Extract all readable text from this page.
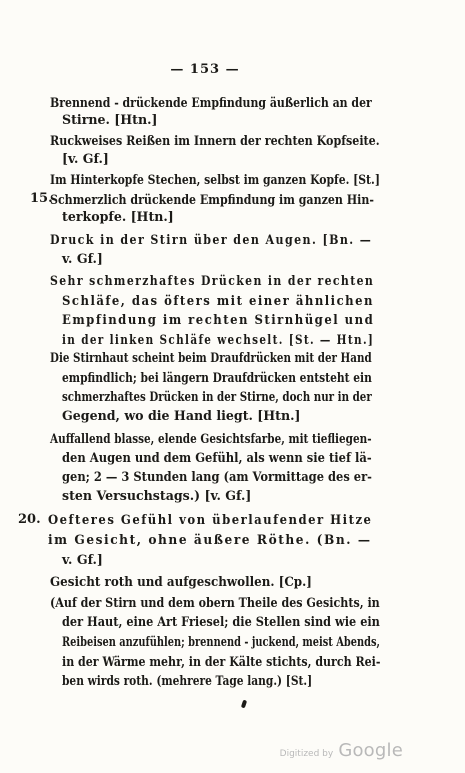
— 153 —
Brennend - drückende Empfindung äußerlich an der
Stirne. [Htn.]
Ruckweises Reißen im Innern der rechten Kopfseite.
[v. Gf.]
Im Hinterkopfe Stechen, selbst im ganzen Kopfe. [St.]
15.
Schmerzlich drückende Empfindung im ganzen Hin-
terkopfe. [Htn.]
Druck in der Stirn über den Augen. [Bn. —
v. Gf.]
Sehr schmerzhaftes Drücken in der rechten
Schläfe, das öfters mit einer ähnlichen
Empfindung im rechten Stirnhügel und
in der linken Schläfe wechselt. [St. — Htn.]
Die Stirnhaut scheint beim Draufdrücken mit der Hand
empfindlich; bei längern Draufdrücken entsteht ein
schmerzhaftes Drücken in der Stirne, doch nur in der
Gegend, wo die Hand liegt. [Htn.]
Auffallend blasse, elende Gesichtsfarbe, mit tiefliegen-
den Augen und dem Gefühl, als wenn sie tief lä-
gen; 2 — 3 Stunden lang (am Vormittage des er-
sten Versuchstags.) [v. Gf.]
20. Oefteres Gefühl von überlaufender Hitze
im Gesicht, ohne äußere Röthe. (Bn. —
v. Gf.]
Gesicht roth und aufgeschwollen. [Cp.]
(Auf der Stirn und dem obern Theile des Gesichts, in
der Haut, eine Art Friesel; die Stellen sind wie ein
Reibeisen anzufühlen; brennend - juckend, meist Abends,
in der Wärme mehr, in der Kälte stichts, durch Rei-
ben wirds roth. (mehrere Tage lang.) [St.]
Digitized by Google
